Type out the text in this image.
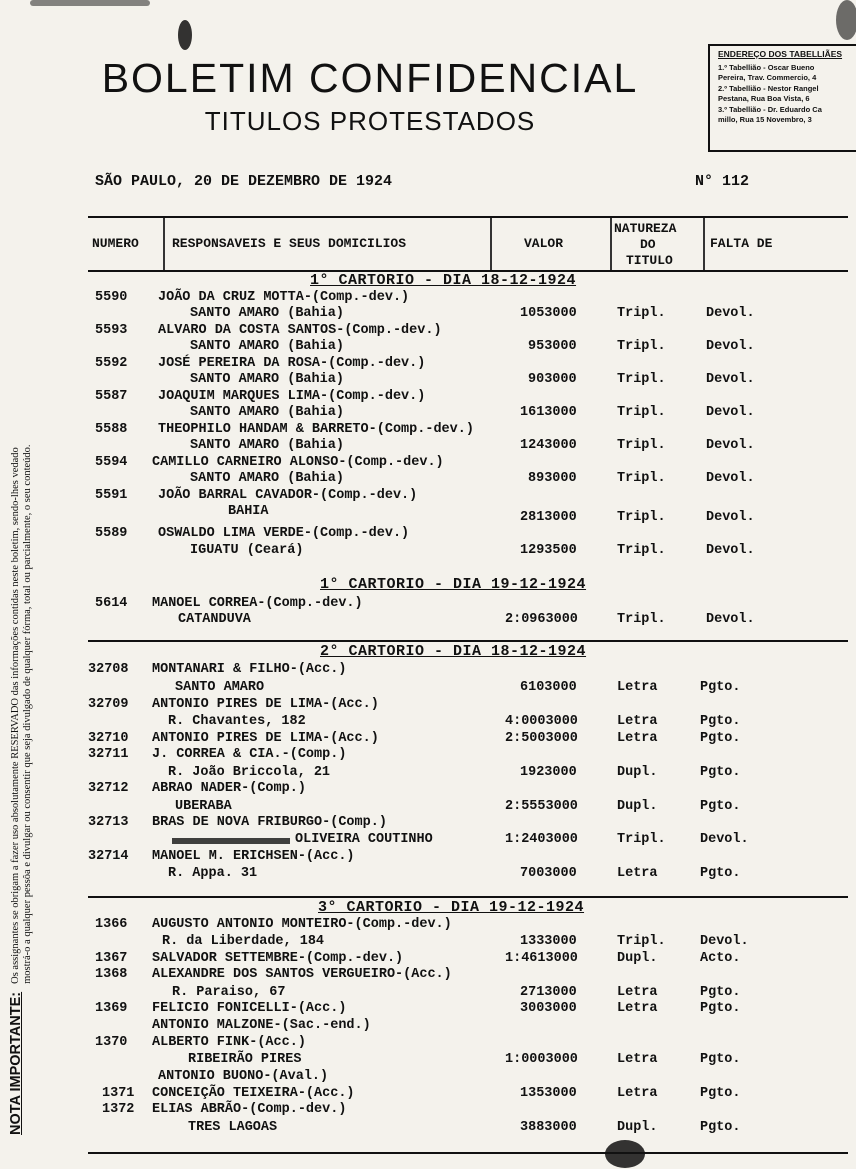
BOLETIM CONFIDENCIAL
TITULOS PROTESTADOS
ENDEREÇO DOS TABELLIÃES
1.º Tabellião - Oscar Bueno
Pereira, Trav. Commercio, 4
2.º Tabellião - Nestor Rangel
Pestana, Rua Boa Vista, 6
3.º Tabellião - Dr. Eduardo Ca
millo, Rua 15 Novembro, 3
SÃO PAULO, 20 DE DEZEMBRO DE 1924	N° 112
NUMERO	RESPONSAVEIS E SEUS DOMICILIOS	VALOR
NATUREZA
DO
TITULO
FALTA DE
1° CARTORIO - DIA 18-12-1924
5590 JOÃO DA CRUZ MOTTA-(Comp.-dev.)
SANTO AMARO (Bahia)	1053000	Tripl.	Devol.
5593 ALVARO DA COSTA SANTOS-(Comp.-dev.)
SANTO AMARO (Bahia)	953000	Tripl.	Devol.
5592 JOSÉ PEREIRA DA ROSA-(Comp.-dev.)
SANTO AMARO (Bahia)	903000	Tripl.	Devol.
5587 JOAQUIM MARQUES LIMA-(Comp.-dev.)
SANTO AMARO (Bahia)	1613000	Tripl.	Devol.
5588 THEOPHILO HANDAM & BARRETO-(Comp.-dev.)
SANTO AMARO (Bahia)	1243000	Tripl.	Devol.
5594 CAMILLO CARNEIRO ALONSO-(Comp.-dev.)
SANTO AMARO (Bahia)	893000	Tripl.	Devol.
5591 JOÃO BARRAL CAVADOR-(Comp.-dev.)
BAHIA	2813000	Tripl.	Devol.
5589 OSWALDO LIMA VERDE-(Comp.-dev.)
IGUATU (Ceará)	1293500	Tripl.	Devol.
1° CARTORIO - DIA 19-12-1924
5614 MANOEL CORREA-(Comp.-dev.)
CATANDUVA	2:0963000	Tripl.	Devol.
2° CARTORIO - DIA 18-12-1924
32708 MONTANARI & FILHO-(Acc.)
SANTO AMARO	6103000	Letra	Pgto.
32709 ANTONIO PIRES DE LIMA-(Acc.)
R. Chavantes, 182	4:0003000	Letra	Pgto.
32710 ANTONIO PIRES DE LIMA-(Acc.)	2:5003000	Letra	Pgto.
32711 J. CORREA & CIA.-(Comp.)
R. João Briccola, 21	1923000	Dupl.	Pgto.
32712 ABRAO NADER-(Comp.)
UBERABA	2:5553000	Dupl.	Pgto.
32713 BRAS DE NOVA FRIBURGO-(Comp.)
OLIVEIRA COUTINHO	1:2403000	Tripl.	Devol.
32714 MANOEL M. ERICHSEN-(Acc.)
R. Appa. 31	7003000	Letra	Pgto.
3° CARTORIO - DIA 19-12-1924
1366 AUGUSTO ANTONIO MONTEIRO-(Comp.-dev.)
R. da Liberdade, 184	1333000	Tripl.	Devol.
1367 SALVADOR SETTEMBRE-(Comp.-dev.)	1:4613000	Dupl.	Acto.
1368 ALEXANDRE DOS SANTOS VERGUEIRO-(Acc.)
R. Paraiso, 67	2713000	Letra	Pgto.
1369 FELICIO FONICELLI-(Acc.)
ANTONIO MALZONE-(Sac.-end.)
3003000	Letra	Pgto.
1370 ALBERTO FINK-(Acc.)
RIBEIRÃO PIRES
ANTONIO BUONO-(Aval.)
1:0003000	Letra	Pgto.
1371 CONCEIÇÃO TEIXEIRA-(Acc.)	1353000	Letra	Pgto.
1372 ELIAS ABRÃO-(Comp.-dev.)
TRES LAGOAS	3883000	Dupl.	Pgto.
NOTA IMPORTANTE:
Os assignantes se obrigam a fazer uso absolutamente RESERVADO das informações contidas neste boletim, sendo-lhes vedado mostrá-o a qualquer pessôa e divulgar ou consentir que seja divulgado de qualquer fórma, total ou parcialmente, o seu conteúdo.
